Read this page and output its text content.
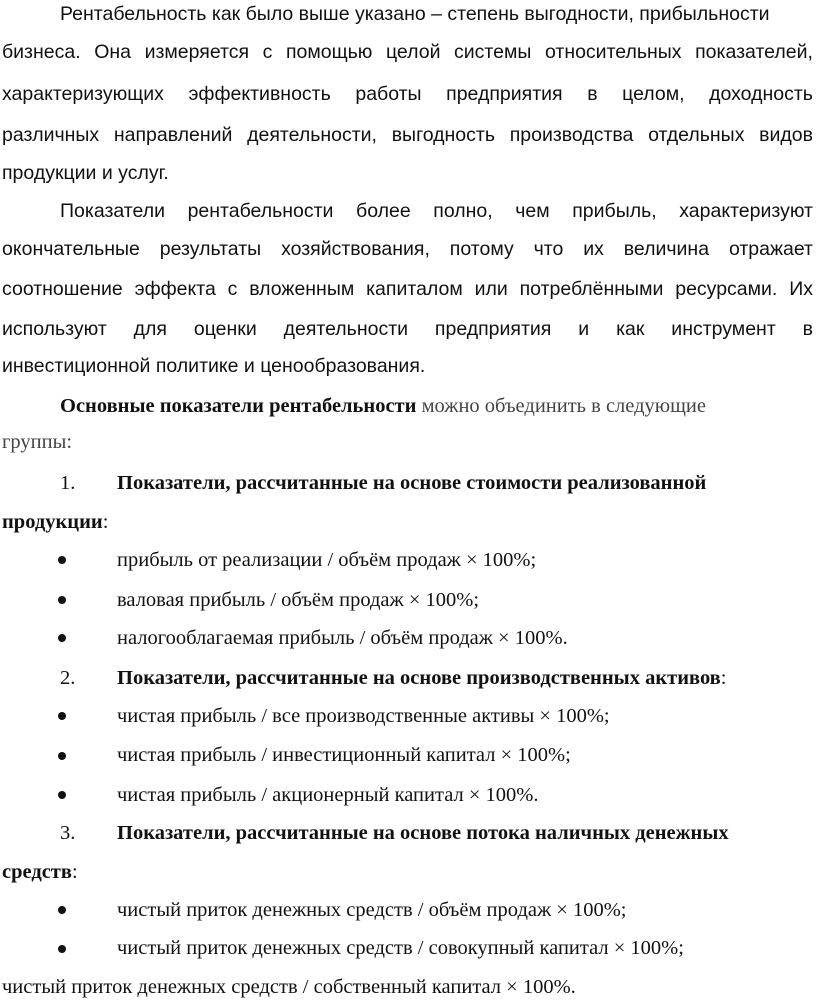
Рентабельность как было выше указано – степень выгодности, прибыльности
бизнеса. Она измеряется с помощью целой системы относительных показателей,
характеризующих эффективность работы предприятия в целом, доходность
различных направлений деятельности, выгодность производства отдельных видов
продукции и услуг.
Показатели рентабельности более полно, чем прибыль, характеризуют
окончательные результаты хозяйствования, потому что их величина отражает
соотношение эффекта с вложенным капиталом или потреблёнными ресурсами. Их
используют для оценки деятельности предприятия и как инструмент в
инвестиционной политике и ценообразования.
Основные показатели рентабельности можно объединить в следующие
группы:
1. Показатели, рассчитанные на основе стоимости реализованной
продукции:
прибыль от реализации / объём продаж × 100%;
валовая прибыль / объём продаж × 100%;
налогооблагаемая прибыль / объём продаж × 100%.
2. Показатели, рассчитанные на основе производственных активов:
чистая прибыль / все производственные активы × 100%;
чистая прибыль / инвестиционный капитал × 100%;
чистая прибыль / акционерный капитал × 100%.
3. Показатели, рассчитанные на основе потока наличных денежных
средств:
чистый приток денежных средств / объём продаж × 100%;
чистый приток денежных средств / совокупный капитал × 100%;
чистый приток денежных средств / собственный капитал × 100%.
